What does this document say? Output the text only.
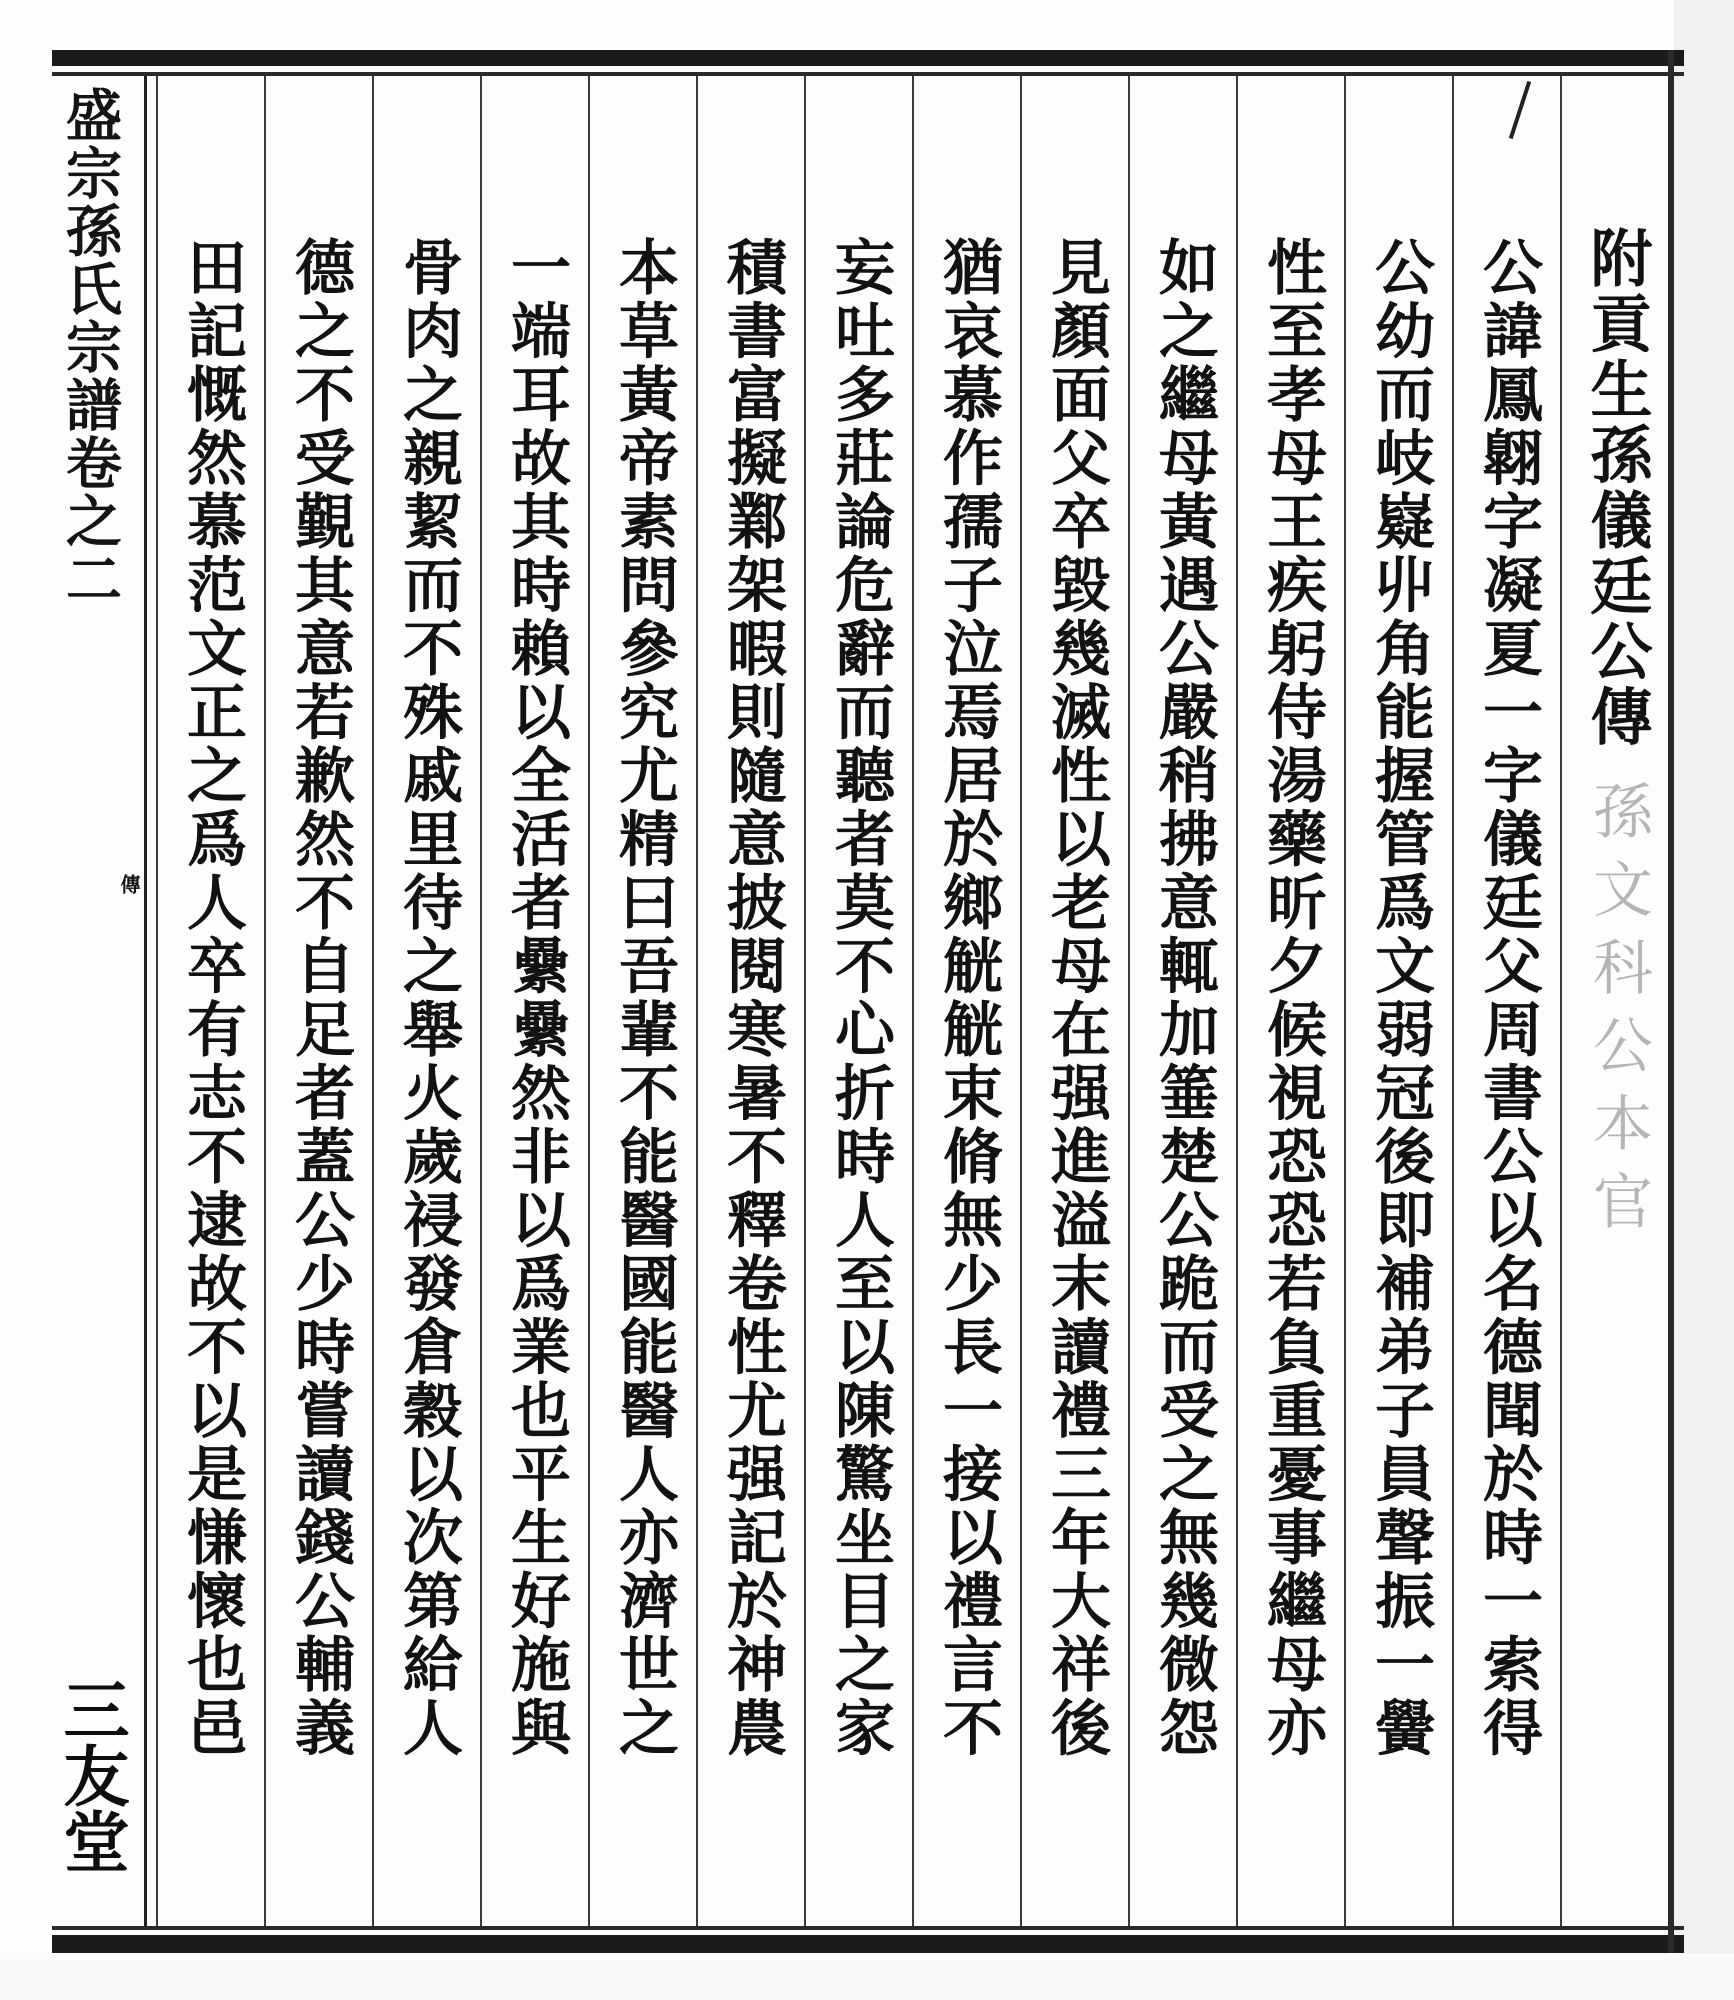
盛宗孫氏宗譜卷之二
傳
三友堂
附貢生孫儀廷公傳
公諱鳳翺字凝夏一字儀廷父周書公以名德聞於時一索得
公幼而岐嶷丱角能握管爲文弱冠後即補弟子員聲振一黌
性至孝母王疾躬侍湯藥昕夕候視恐恐若負重憂事繼母亦
如之繼母黃遇公嚴稍拂意輒加箠楚公跪而受之無幾微怨
見顏面父卒毀幾滅性以老母在强進溢末讀禮三年大祥後
猶哀慕作孺子泣焉居於鄉觥觥束脩無少長一接以禮言不
妄吐多莊論危辭而聽者莫不心折時人至以陳驚坐目之家
積書富擬鄴架暇則隨意披閱寒暑不釋卷性尤强記於神農
本草黃帝素問參究尤精曰吾輩不能醫國能醫人亦濟世之
一端耳故其時賴以全活者纍纍然非以爲業也平生好施與
骨肉之親絜而不殊戚里待之舉火歲祲發倉穀以次第給人
德之不受覲其意若歉然不自足者蓋公少時嘗讀錢公輔義
田記慨然慕范文正之爲人卒有志不逮故不以是慊懷也邑	孫文科公本官
